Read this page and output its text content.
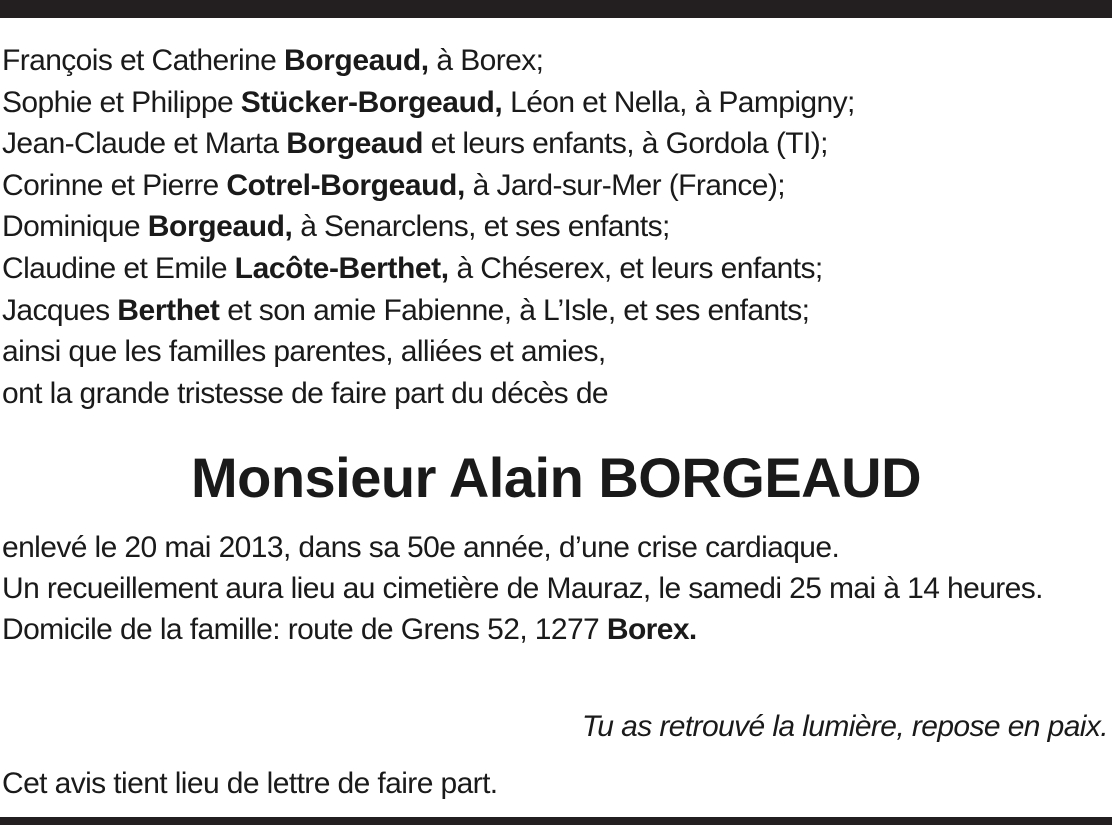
François et Catherine Borgeaud, à Borex;
Sophie et Philippe Stücker-Borgeaud, Léon et Nella, à Pampigny;
Jean-Claude et Marta Borgeaud et leurs enfants, à Gordola (TI);
Corinne et Pierre Cotrel-Borgeaud, à Jard-sur-Mer (France);
Dominique Borgeaud, à Senarclens, et ses enfants;
Claudine et Emile Lacôte-Berthet, à Chéserex, et leurs enfants;
Jacques Berthet et son amie Fabienne, à L’Isle, et ses enfants;
ainsi que les familles parentes, alliées et amies,
ont la grande tristesse de faire part du décès de
Monsieur Alain BORGEAUD
enlevé le 20 mai 2013, dans sa 50e année, d’une crise cardiaque.
Un recueillement aura lieu au cimetière de Mauraz, le samedi 25 mai à 14 heures.
Domicile de la famille: route de Grens 52, 1277 Borex.
Tu as retrouvé la lumière, repose en paix.
Cet avis tient lieu de lettre de faire part.
